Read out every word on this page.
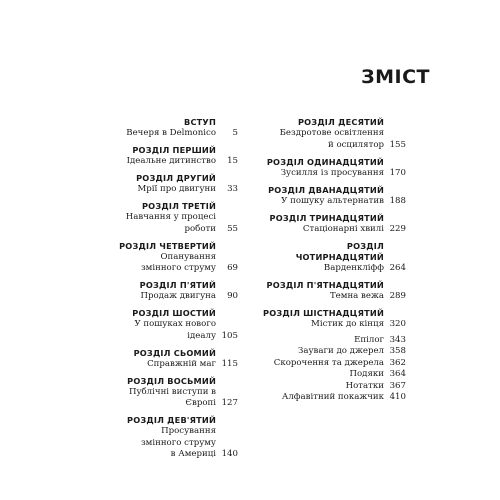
ЗМІСТ
ВСТУП
Вечеря в Delmonico	5
РОЗДІЛ ПЕРШИЙ
Ідеальне дитинство	15
РОЗДІЛ ДРУГИЙ
Мрії про двигуни	33
РОЗДІЛ ТРЕТІЙ
Навчання у процесі роботи	55
РОЗДІЛ ЧЕТВЕРТИЙ
Опанування змінного струму	69
РОЗДІЛ П'ЯТИЙ
Продаж двигуна	90
РОЗДІЛ ШОСТИЙ
У пошуках нового ідеалу 105
РОЗДІЛ СЬОМИЙ
Справжній маг 115
РОЗДІЛ ВОСЬМИЙ
Публічні виступи в Європі 127
РОЗДІЛ ДЕВ'ЯТИЙ
Просування змінного струму
в Америці 140
РОЗДІЛ ДЕСЯТИЙ
Бездротове освітлення
й осцилятор 155
РОЗДІЛ ОДИНАДЦЯТИЙ
Зусилля із просування 170
РОЗДІЛ ДВАНАДЦЯТИЙ
У пошуку альтернатив 188
РОЗДІЛ ТРИНАДЦЯТИЙ
Стаціонарні хвилі 229
РОЗДІЛ ЧОТИРНАДЦЯТИЙ
Варденкліфф 264
РОЗДІЛ П'ЯТНАДЦЯТИЙ
Темна вежа 289
РОЗДІЛ ШІСТНАДЦЯТИЙ
Містик до кінця 320
Епілог 343
Зауваги до джерел 358
Скорочення та джерела 362
Подяки 364
Нотатки 367
Алфавітний покажчик 410
